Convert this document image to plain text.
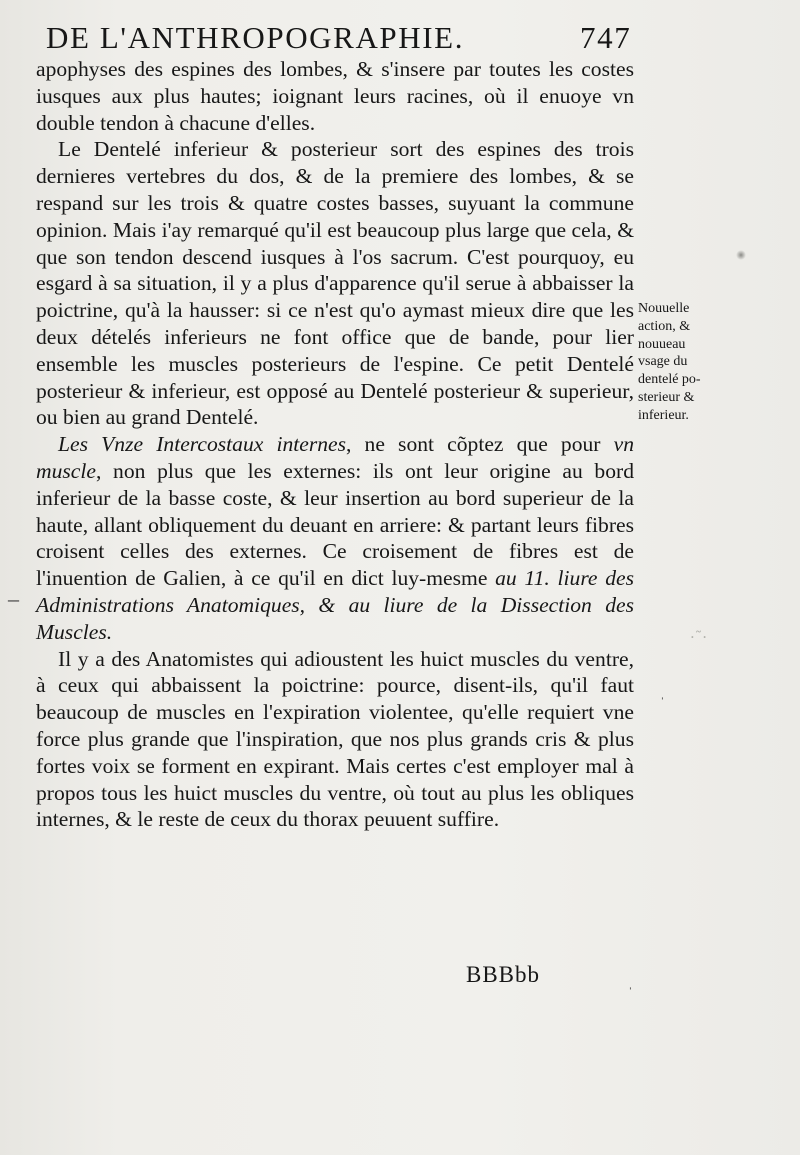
DE L'ANTHROPOGRAPHIE.	747

apophyses des espines des lombes, & s'insere par toutes les costes iusques aux plus hautes; ioignant leurs racines, où il enuoye vn double tendon à chacune d'elles.

Le Dentelé inferieur & posterieur sort des espines des trois dernieres vertebres du dos, & de la premiere des lombes, & se respand sur les trois & quatre costes basses, suyuant la commune opinion. Mais i'ay remarqué qu'il est beaucoup plus large que cela, & que son tendon descend iusques à l'os sacrum. C'est pourquoy, eu esgard à sa situation, il y a plus d'apparence qu'il serue à abbaisser la poictrine, qu'à la hausser: si ce n'est qu'o aymast mieux dire que les deux dételés inferieurs ne font office que de bande, pour lier ensemble les muscles posterieurs de l'espine. Ce petit Dentelé posterieur & inferieur, est opposé au Dentelé posterieur & superieur, ou bien au grand Dentelé.

Les Vnze Intercostaux internes, ne sont cõptez que pour vn muscle, non plus que les externes: ils ont leur origine au bord inferieur de la basse coste, & leur insertion au bord superieur de la haute, allant obliquement du deuant en arriere: & partant leurs fibres croisent celles des externes. Ce croisement de fibres est de l'inuention de Galien, à ce qu'il en dict luy-mesme au 11. liure des Administrations Anatomiques, & au liure de la Dissection des Muscles.

Il y a des Anatomistes qui adioustent les huict muscles du ventre, à ceux qui abbaissent la poictrine: pource, disent-ils, qu'il faut beaucoup de muscles en l'expiration violentee, qu'elle requiert vne force plus grande que l'inspiration, que nos plus grands cris & plus fortes voix se forment en expirant. Mais certes c'est employer mal à propos tous les huict muscles du ventre, où tout au plus les obliques internes, & le reste de ceux du thorax peuuent suffire.

Nouuelle
action, &
nouueau
vsage du
dentelé po-
sterieur &
inferieur.
BBBbb
–
ˈ
ˈ
·˜·
